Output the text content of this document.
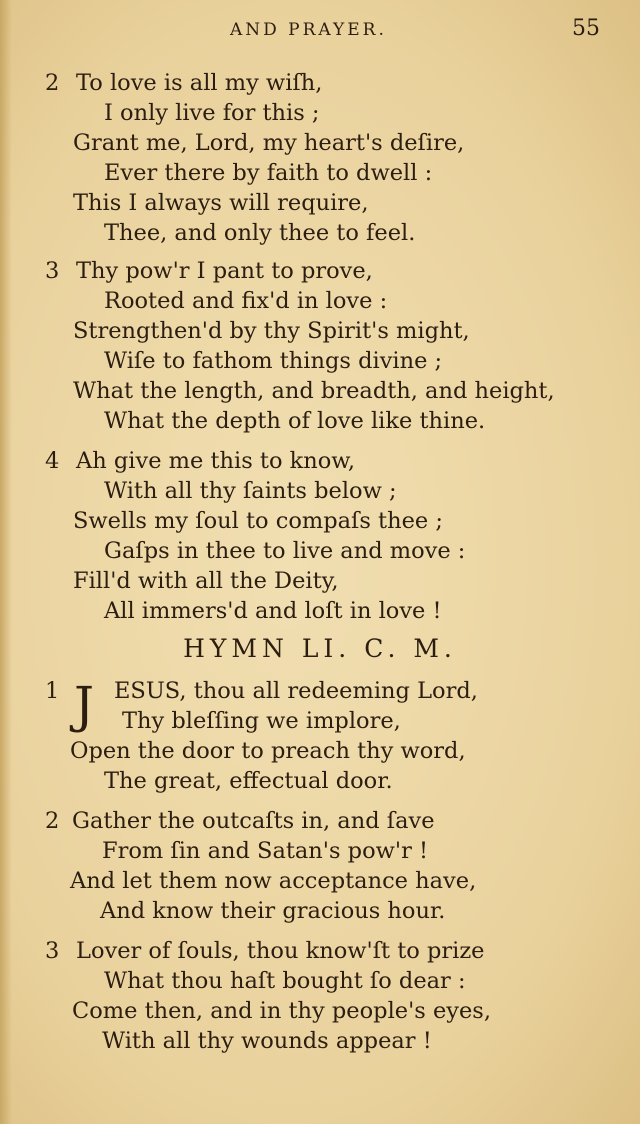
AND PRAYER.	55
2 To love is all my wiſh,
I only live for this ;
Grant me, Lord, my heart's deſire,
Ever there by faith to dwell :
This I always will require,
Thee, and only thee to feel.
3 Thy pow'r I pant to prove,
Rooted and fix'd in love :
Strengthen'd by thy Spirit's might,
Wiſe to fathom things divine ;
What the length, and breadth, and height,
What the depth of love like thine.
4 Ah give me this to know,
With all thy ſaints below ;
Swells my ſoul to compaſs thee ;
Gaſps in thee to live and move :
Fill'd with all the Deity,
All immers'd and loſt in love !
HYMN LI. C. M.
1 J ESUS, thou all redeeming Lord,
Thy bleſſing we implore,
Open the door to preach thy word,
The great, effectual door.
2 Gather the outcaſts in, and ſave
From ſin and Satan's pow'r !
And let them now acceptance have,
And know their gracious hour.
3 Lover of ſouls, thou know'ſt to prize
What thou haſt bought ſo dear :
Come then, and in thy people's eyes,
With all thy wounds appear !
